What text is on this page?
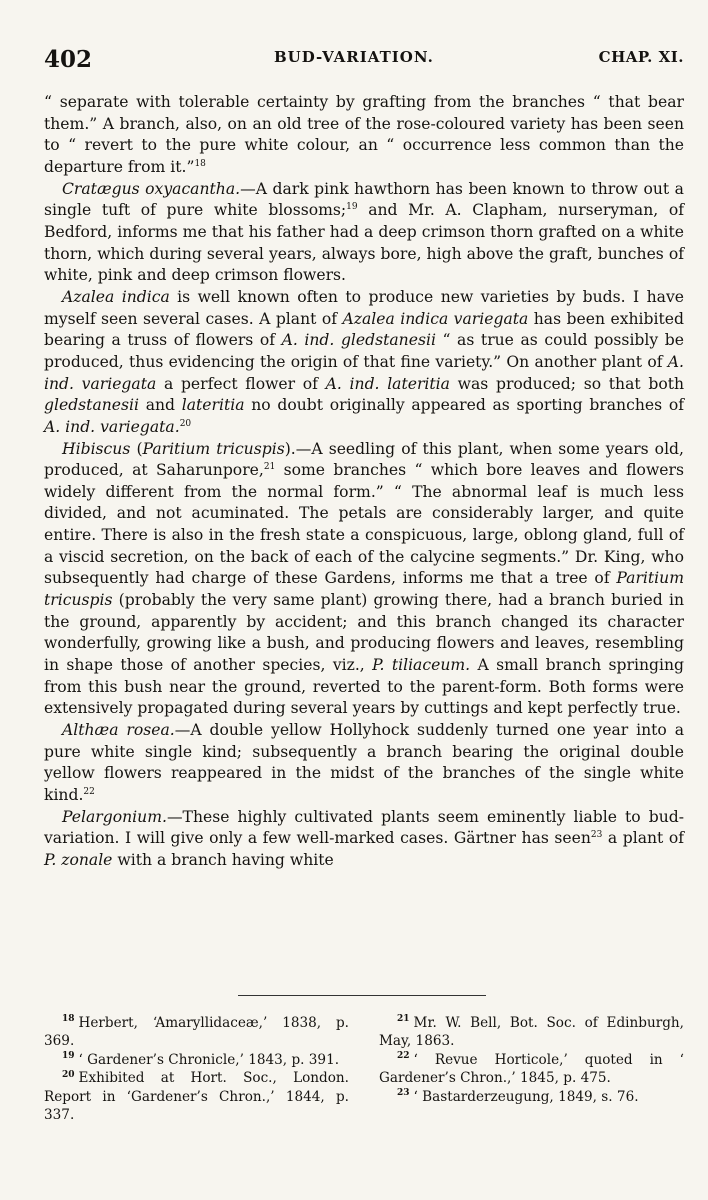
402	BUD-VARIATION.	CHAP. XI.

“ separate with tolerable certainty by grafting from the branches “ that bear them.” A branch, also, on an old tree of the rose-coloured variety has been seen to “ revert to the pure white colour, an “ occurrence less common than the departure from it.”$^{18}$

Cratægus oxyacantha.—A dark pink hawthorn has been known to throw out a single tuft of pure white blossoms;$^{19}$ and Mr. A. Clapham, nurseryman, of Bedford, informs me that his father had a deep crimson thorn grafted on a white thorn, which during several years, always bore, high above the graft, bunches of white, pink and deep crimson flowers.

Azalea indica is well known often to produce new varieties by buds. I have myself seen several cases. A plant of Azalea indica variegata has been exhibited bearing a truss of flowers of A. ind. gledstanesii “ as true as could possibly be produced, thus evidencing the origin of that fine variety.” On another plant of A. ind. variegata a perfect flower of A. ind. lateritia was produced; so that both gledstanesii and lateritia no doubt originally appeared as sporting branches of A. ind. variegata.$^{20}$

Hibiscus (Paritium tricuspis).—A seedling of this plant, when some years old, produced, at Saharunpore,$^{21}$ some branches “ which bore leaves and flowers widely different from the normal form.” “ The abnormal leaf is much less divided, and not acuminated. The petals are considerably larger, and quite entire. There is also in the fresh state a conspicuous, large, oblong gland, full of a viscid secretion, on the back of each of the calycine segments.” Dr. King, who subsequently had charge of these Gardens, informs me that a tree of Paritium tricuspis (probably the very same plant) growing there, had a branch buried in the ground, apparently by accident; and this branch changed its character wonderfully, growing like a bush, and producing flowers and leaves, resembling in shape those of another species, viz., P. tiliaceum. A small branch springing from this bush near the ground, reverted to the parent-form. Both forms were extensively propagated during several years by cuttings and kept perfectly true.

Althæa rosea.—A double yellow Hollyhock suddenly turned one year into a pure white single kind; subsequently a branch bearing the original double yellow flowers reappeared in the midst of the branches of the single white kind.$^{22}$

Pelargonium.—These highly cultivated plants seem eminently liable to bud-variation. I will give only a few well-marked cases. Gärtner has seen$^{23}$ a plant of P. zonale with a branch having white

$^{18}$ Herbert, ‘Amaryllidaceæ,’ 1838, p. 369.
$^{19}$ ‘ Gardener’s Chronicle,’ 1843, p. 391.
$^{20}$ Exhibited at Hort. Soc., London. Report in ‘Gardener’s Chron.,’ 1844, p. 337.
$^{21}$ Mr. W. Bell, Bot. Soc. of Edinburgh, May, 1863.
$^{22}$ ‘ Revue Horticole,’ quoted in ‘ Gardener’s Chron.,’ 1845, p. 475.
$^{23}$ ‘ Bastarderzeugung, 1849, s. 76.
